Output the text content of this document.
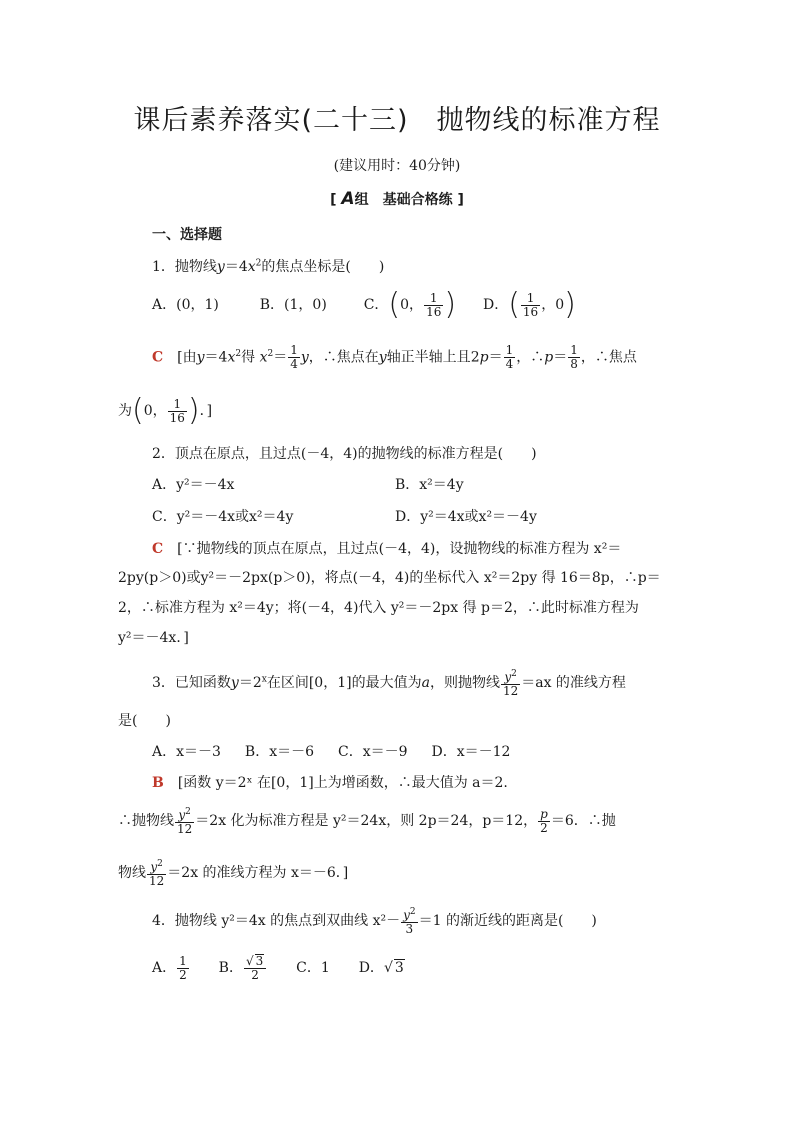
课后素养落实(二十三) 抛物线的标准方程
(建议用时：40分钟)
[ A组　 基础合格练 ]
一、选择题
1．抛物线$y=4x^2$的焦点坐标是(　　)
A．(0，1)	B．(1，0)	C．(0， $\frac{1}{16}$ ) D．( $\frac{1}{16}$ ，0)
C　 [由$y=4x^2$得 $x^2= \frac{1}{4}$ y，∴焦点在y轴正半轴上且$2p= \frac{1}{4}$ ，∴p＝ $\frac{1}{8}$ ，∴焦点
为(0， $\frac{1}{16}$ )．]
2．顶点在原点，且过点(－4，4)的抛物线的标准方程是(　　)
A．y²＝－4x	B．x²＝4y
C．y²＝－4x或x²＝4y	D．y²＝4x或x²＝－4y
C　 [∵抛物线的顶点在原点，且过点(－4，4)，设抛物线的标准方程为 x²＝
2py(p＞0)或y²＝－2px(p＞0)，将点(－4，4)的坐标代入 x²＝2py 得 16＝8p，∴p＝
2，∴标准方程为 x²＝4y；将(－4，4)代入 y²＝－2px 得 p＝2，∴此时标准方程为
y²＝－4x．]
3．已知函数$y=2^x$在区间[0，1]的最大值为a，则抛物线 $\frac{y^2}{12} =ax$ 的准线方程
是(　　)
A．x＝－3 B．x＝－6 C．x＝－9 D．x＝－12
B　 [函数 y＝2ˣ 在[0，1]上为增函数，∴最大值为 a＝2.
∴抛物线 $\frac{y^2}{12} =2x$ 化为标准方程是 y²＝24x，则 2p＝24，p＝12， $\frac{p}{2} =6$．∴抛
物线 $\frac{y^2}{12} =2x$ 的准线方程为 x＝－6．]
4．抛物线 y²＝4x 的焦点到双曲线 $x^2- \frac{y^2}{3} =1$ 的渐近线的距离是(　　)
A． $\frac{1}{2}$ B． $\frac{√ 3}{2}$ C．1 D．√ 3
